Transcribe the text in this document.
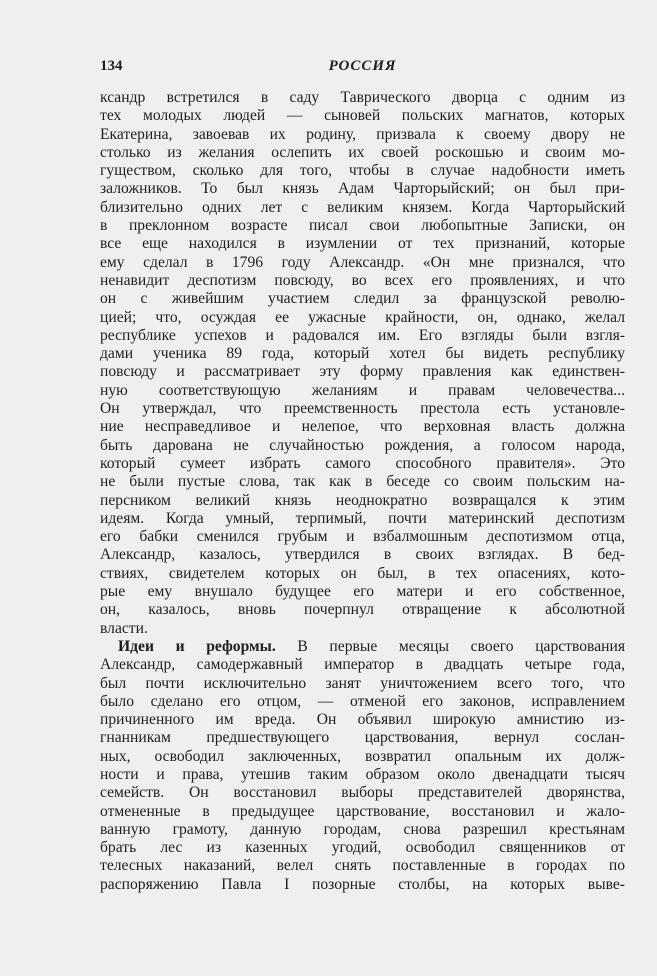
134	РОССИЯ
ксандр встретился в саду Таврического дворца с одним из
тех молодых людей — сыновей польских магнатов, которых
Екатерина, завоевав их родину, призвала к своему двору не
столько из желания ослепить их своей роскошью и своим мо-
гуществом, сколько для того, чтобы в случае надобности иметь
заложников. То был князь Адам Чарторыйский; он был при-
близительно одних лет с великим князем. Когда Чарторыйский
в преклонном возрасте писал свои любопытные Записки, он
все еще находился в изумлении от тех признаний, которые
ему сделал в 1796 году Александр. «Он мне признался, что
ненавидит деспотизм повсюду, во всех его проявлениях, и что
он с живейшим участием следил за французской револю-
цией; что, осуждая ее ужасные крайности, он, однако, желал
республике успехов и радовался им. Его взгляды были взгля-
дами ученика 89 года, который хотел бы видеть республику
повсюду и рассматривает эту форму правления как единствен-
ную соответствующую желаниям и правам человечества...
Он утверждал, что преемственность престола есть установле-
ние несправедливое и нелепое, что верховная власть должна
быть дарована не случайностью рождения, а голосом народа,
который сумеет избрать самого способного правителя». Это
не были пустые слова, так как в беседе со своим польским на-
персником великий князь неоднократно возвращался к этим
идеям. Когда умный, терпимый, почти материнский деспотизм
его бабки сменился грубым и взбалмошным деспотизмом отца,
Александр, казалось, утвердился в своих взглядах. В бед-
ствиях, свидетелем которых он был, в тех опасениях, кото-
рые ему внушало будущее его матери и его собственное,
он, казалось, вновь почерпнул отвращение к абсолютной
власти.
Идеи и реформы. В первые месяцы своего царствования
Александр, самодержавный император в двадцать четыре года,
был почти исключительно занят уничтожением всего того, что
было сделано его отцом, — отменой его законов, исправлением
причиненного им вреда. Он объявил широкую амнистию из-
гнанникам предшествующего царствования, вернул сослан-
ных, освободил заключенных, возвратил опальным их долж-
ности и права, утешив таким образом около двенадцати тысяч
семейств. Он восстановил выборы представителей дворянства,
отмененные в предыдущее царствование, восстановил и жало-
ванную грамоту, данную городам, снова разрешил крестьянам
брать лес из казенных угодий, освободил священников от
телесных наказаний, велел снять поставленные в городах по
распоряжению Павла I позорные столбы, на которых выве-
